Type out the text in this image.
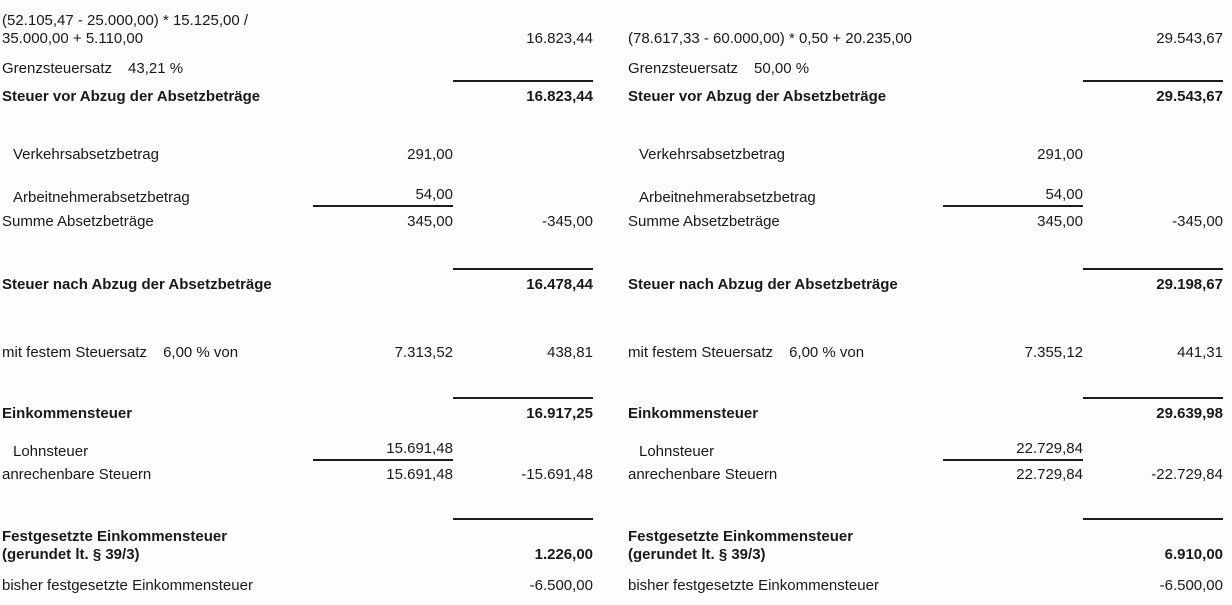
(52.105,47 - 25.000,00) * 15.125,00 /
35.000,00 + 5.110,00	16.823,44
Grenzsteuersatz 43,21 %
Steuer vor Abzug der Absetzbeträge	16.823,44
Verkehrsabsetzbetrag	291,00
Arbeitnehmerabsetzbetrag	54,00
Summe Absetzbeträge	345,00	-345,00
Steuer nach Abzug der Absetzbeträge	16.478,44
mit festem Steuersatz 6,00 % von	7.313,52	438,81
Einkommensteuer	16.917,25
Lohnsteuer	15.691,48
anrechenbare Steuern	15.691,48	-15.691,48
Festgesetzte Einkommensteuer
(gerundet lt. § 39/3)	1.226,00
bisher festgesetzte Einkommensteuer	-6.500,00
(78.617,33 - 60.000,00) * 0,50 + 20.235,00	29.543,67
Grenzsteuersatz 50,00 %
Steuer vor Abzug der Absetzbeträge	29.543,67
Verkehrsabsetzbetrag	291,00
Arbeitnehmerabsetzbetrag	54,00
Summe Absetzbeträge	345,00	-345,00
Steuer nach Abzug der Absetzbeträge	29.198,67
mit festem Steuersatz 6,00 % von	7.355,12	441,31
Einkommensteuer	29.639,98
Lohnsteuer	22.729,84
anrechenbare Steuern	22.729,84	-22.729,84
Festgesetzte Einkommensteuer
(gerundet lt. § 39/3)	6.910,00
bisher festgesetzte Einkommensteuer	-6.500,00
